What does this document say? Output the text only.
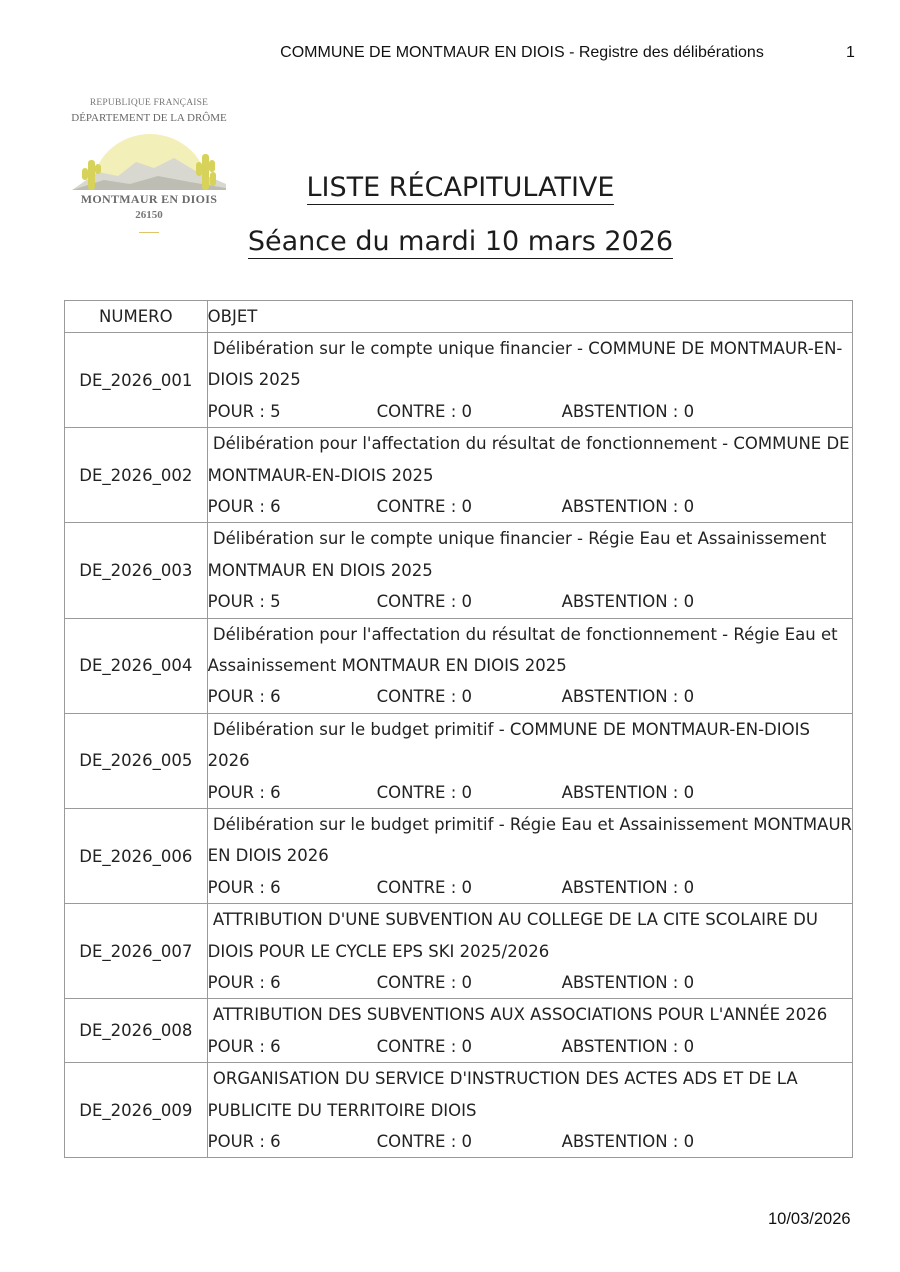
COMMUNE DE MONTMAUR EN DIOIS - Registre des délibérations	1
REPUBLIQUE FRANÇAISE
DÉPARTEMENT DE LA DRÔME
MONTMAUR EN DIOIS
26150
LISTE RÉCAPITULATIVE
Séance du mardi 10 mars 2026
NUMERO	OBJET
DE_2026_001	Délibération sur le compte unique financier - COMMUNE DE MONTMAUR-EN-
DIOIS 2025
POUR : 5 CONTRE : 0 ABSTENTION : 0

DE_2026_002	Délibération pour l'affectation du résultat de fonctionnement - COMMUNE DE
MONTMAUR-EN-DIOIS 2025
POUR : 6 CONTRE : 0 ABSTENTION : 0

DE_2026_003	Délibération sur le compte unique financier - Régie Eau et Assainissement
MONTMAUR EN DIOIS 2025
POUR : 5 CONTRE : 0 ABSTENTION : 0

DE_2026_004	Délibération pour l'affectation du résultat de fonctionnement - Régie Eau et
Assainissement MONTMAUR EN DIOIS 2025
POUR : 6 CONTRE : 0 ABSTENTION : 0

DE_2026_005	Délibération sur le budget primitif - COMMUNE DE MONTMAUR-EN-DIOIS
2026
POUR : 6 CONTRE : 0 ABSTENTION : 0

DE_2026_006	Délibération sur le budget primitif - Régie Eau et Assainissement MONTMAUR
EN DIOIS 2026
POUR : 6 CONTRE : 0 ABSTENTION : 0

DE_2026_007	ATTRIBUTION D'UNE SUBVENTION AU COLLEGE DE LA CITE SCOLAIRE DU
DIOIS POUR LE CYCLE EPS SKI 2025/2026
POUR : 6 CONTRE : 0 ABSTENTION : 0

DE_2026_008	ATTRIBUTION DES SUBVENTIONS AUX ASSOCIATIONS POUR L'ANNÉE 2026
POUR : 6 CONTRE : 0 ABSTENTION : 0

DE_2026_009	ORGANISATION DU SERVICE D'INSTRUCTION DES ACTES ADS ET DE LA
PUBLICITE DU TERRITOIRE DIOIS
POUR : 6 CONTRE : 0 ABSTENTION : 0
10/03/2026
